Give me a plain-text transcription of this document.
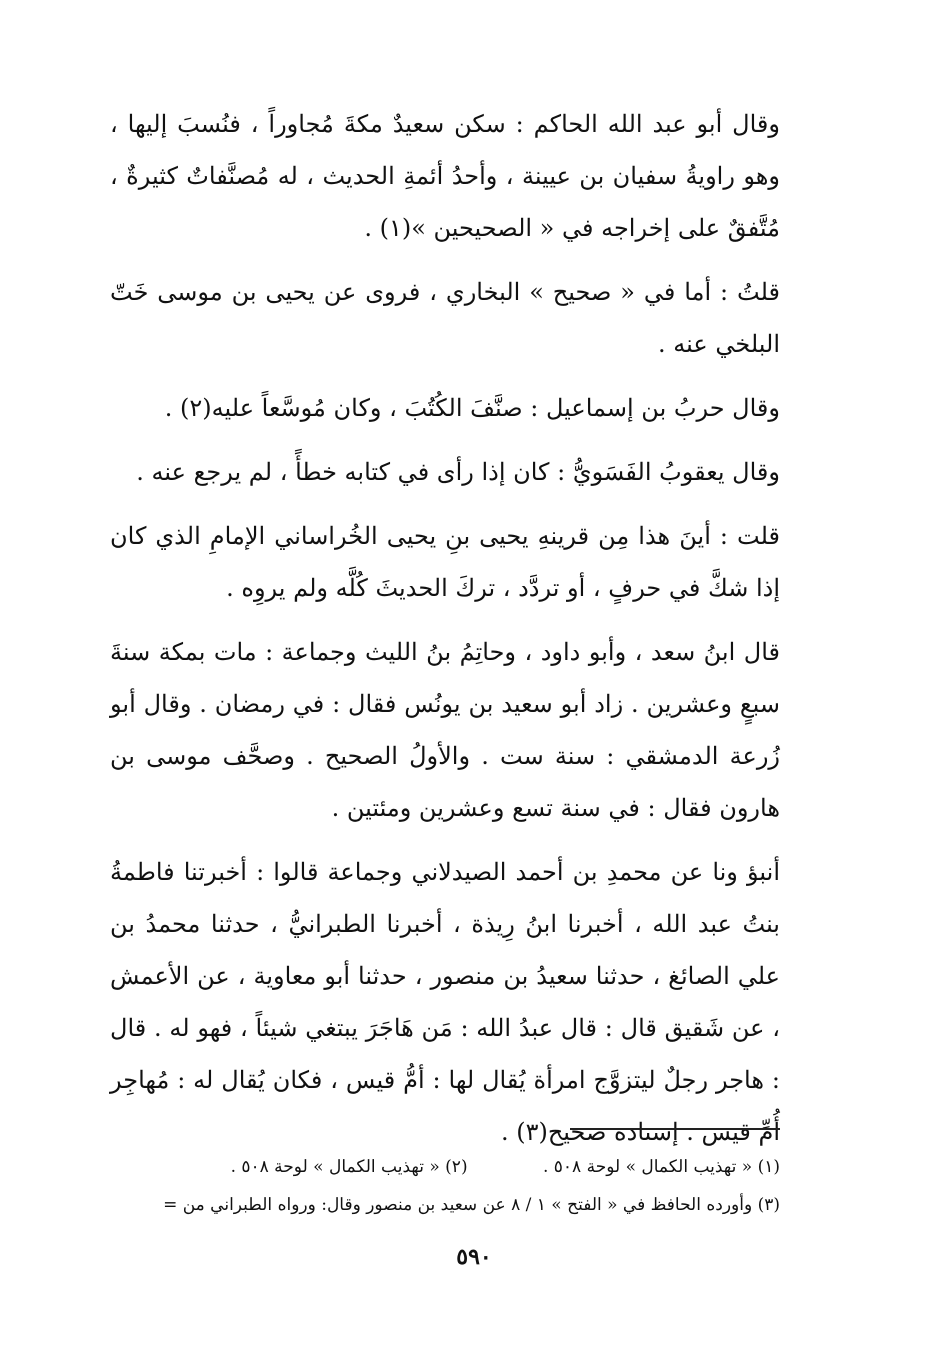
وقال أبو عبد الله الحاكم : سكن سعيدٌ مكةَ مُجاوراً ، فنُسبَ إليها ، وهو راويةُ سفيان بن عيينة ، وأحدُ أئمةِ الحديث ، له مُصنَّفاتٌ كثيرةٌ ، مُتَّفقٌ على إخراجه في « الصحيحين »(١) .

قلتُ : أما في « صحيح » البخاري ، فروى عن يحيى بن موسى خَتّ البلخي عنه .

وقال حربُ بن إسماعيل : صنَّفَ الكُتُبَ ، وكان مُوسَّعاً عليه(٢) .

وقال يعقوبُ الفَسَويُّ : كان إذا رأى في كتابه خطأً ، لم يرجع عنه .

قلت : أينَ هذا مِن قرينهِ يحيى بنِ يحيى الخُراساني الإمامِ الذي كان إذا شكَّ في حرفٍ ، أو تردَّد ، تركَ الحديثَ كُلَّه ولم يروِه .

قال ابنُ سعد ، وأبو داود ، وحاتِمُ بنُ الليث وجماعة : مات بمكة سنةَ سبعٍ وعشرين . زاد أبو سعيد بن يونُس فقال : في رمضان . وقال أبو زُرعة الدمشقي : سنة ست . والأولُ الصحيح . وصحَّف موسى بن هارون فقال : في سنة تسع وعشرين ومئتين .

أنبؤ ونا عن محمدِ بن أحمد الصيدلاني وجماعة قالوا : أخبرتنا فاطمةُ بنتُ عبد الله ، أخبرنا ابنُ رِيذة ، أخبرنا الطبرانيُّ ، حدثنا محمدُ بن علي الصائغ ، حدثنا سعيدُ بن منصور ، حدثنا أبو معاوية ، عن الأعمش ، عن شَقيق قال : قال عبدُ الله : مَن هَاجَرَ يبتغي شيئاً ، فهو له . قال : هاجر رجلٌ ليتزوَّج امرأة يُقال لها : أمُّ قيس ، فكان يُقال له : مُهاجِر أُمِّ قيس . إسناده صحيح(٣) .

(١) « تهذيب الكمال » لوحة ٥٠٨ . (٢) « تهذيب الكمال » لوحة ٥٠٨ .
(٣) وأورده الحافظ في « الفتح » ١ / ٨ عن سعيد بن منصور وقال: ورواه الطبراني من =
٥٩٠
